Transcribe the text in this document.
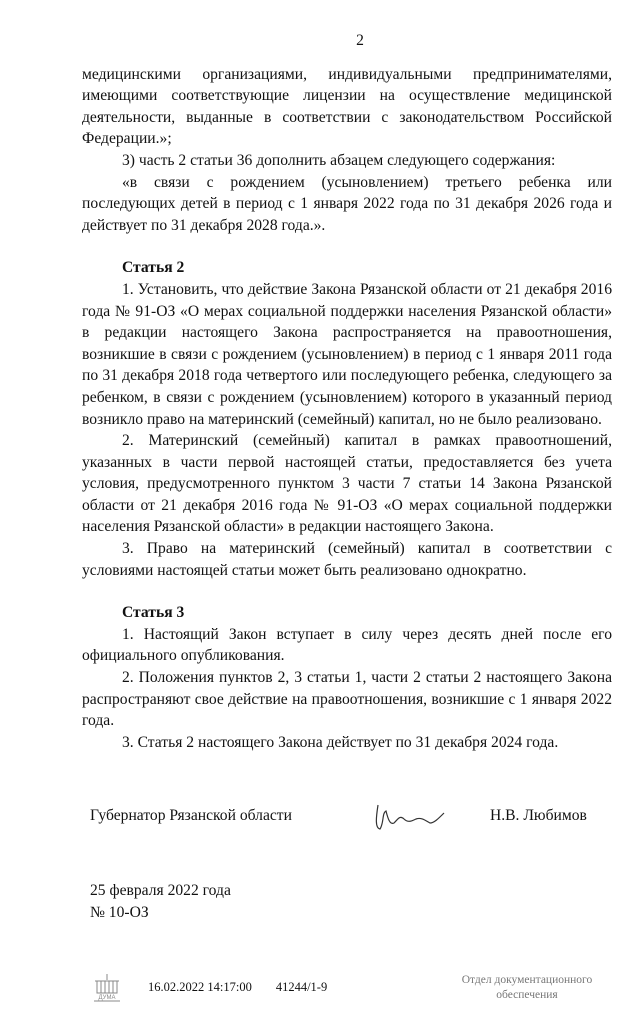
2

медицинскими организациями, индивидуальными предпринимателями, имеющими соответствующие лицензии на осуществление медицинской деятельности, выданные в соответствии с законодательством Российской Федерации.»;

3) часть 2 статьи 36 дополнить абзацем следующего содержания:

«в связи с рождением (усыновлением) третьего ребенка или последующих детей в период с 1 января 2022 года по 31 декабря 2026 года и действует по 31 декабря 2028 года.».

Статья 2

1. Установить, что действие Закона Рязанской области от 21 декабря 2016 года № 91-ОЗ «О мерах социальной поддержки населения Рязанской области» в редакции настоящего Закона распространяется на правоотношения, возникшие в связи с рождением (усыновлением) в период с 1 января 2011 года по 31 декабря 2018 года четвертого или последующего ребенка, следующего за ребенком, в связи с рождением (усыновлением) которого в указанный период возникло право на материнский (семейный) капитал, но не было реализовано.

2. Материнский (семейный) капитал в рамках правоотношений, указанных в части первой настоящей статьи, предоставляется без учета условия, предусмотренного пунктом 3 части 7 статьи 14 Закона Рязанской области от 21 декабря 2016 года № 91-ОЗ «О мерах социальной поддержки населения Рязанской области» в редакции настоящего Закона.

3. Право на материнский (семейный) капитал в соответствии с условиями настоящей статьи может быть реализовано однократно.

Статья 3

1. Настоящий Закон вступает в силу через десять дней после его официального опубликования.

2. Положения пунктов 2, 3 статьи 1, части 2 статьи 2 настоящего Закона распространяют свое действие на правоотношения, возникшие с 1 января 2022 года.

3. Статья 2 настоящего Закона действует по 31 декабря 2024 года.

Губернатор Рязанской области	Н.В. Любимов
25 февраля 2022 года
№ 10-ОЗ
ДУМА
16.02.2022 14:17:00 41244/1-9
Отдел документационного
обеспечения
